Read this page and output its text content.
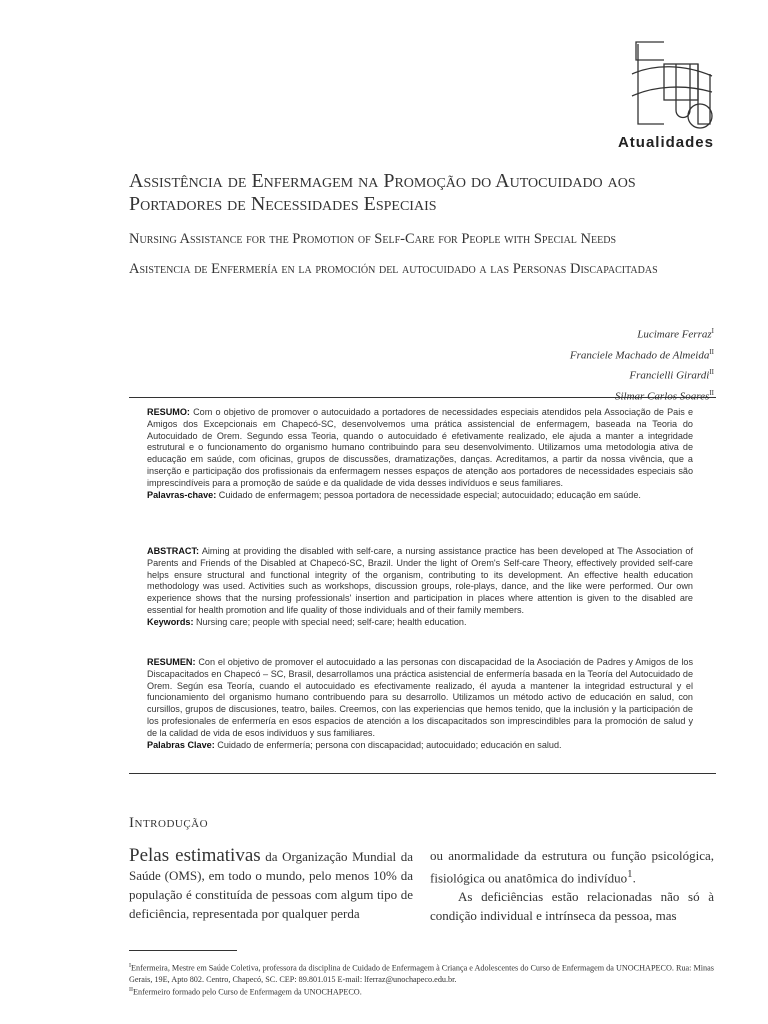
Atualidades
Assistência de Enfermagem na Promoção do Autocuidado aos Portadores de Necessidades Especiais
Nursing Assistance for the Promotion of Self-Care for People with Special Needs
Asistencia de Enfermería en la promoción del autocuidado a las Personas Discapacitadas
Lucimare Ferraz$^I$
Franciele Machado de Almeida$^{II}$
Francielli Girardi$^{II}$
Silmar Carlos Soares$^{II}$

RESUMO: Com o objetivo de promover o autocuidado a portadores de necessidades especiais atendidos pela Associação de Pais e Amigos dos Excepcionais em Chapecó-SC, desenvolvemos uma prática assistencial de enfermagem, baseada na Teoria do Autocuidado de Orem. Segundo essa Teoria, quando o autocuidado é efetivamente realizado, ele ajuda a manter a integridade estrutural e o funcionamento do organismo humano contribuindo para seu desenvolvimento. Utilizamos uma metodologia ativa de educação em saúde, com oficinas, grupos de discussões, dramatizações, danças. Acreditamos, a partir da nossa vivência, que a inserção e participação dos profissionais da enfermagem nesses espaços de atenção aos portadores de necessidades especiais são imprescindíveis para a promoção de saúde e da qualidade de vida desses indivíduos e seus familiares.

Palavras-chave: Cuidado de enfermagem; pessoa portadora de necessidade especial; autocuidado; educação em saúde.

ABSTRACT: Aiming at providing the disabled with self-care, a nursing assistance practice has been developed at The Association of Parents and Friends of the Disabled at Chapecó-SC, Brazil. Under the light of Orem's Self-care Theory, effectively provided self-care helps ensure structural and functional integrity of the organism, contributing to its development. An effective health education methodology was used. Activities such as workshops, discussion groups, role-plays, dance, and the like were performed. Our own experience shows that the nursing professionals' insertion and participation in places where attention is given to the disabled are essential for health promotion and life quality of those individuals and of their family members.

Keywords: Nursing care; people with special need; self-care; health education.

RESUMEN: Con el objetivo de promover el autocuidado a las personas con discapacidad de la Asociación de Padres y Amigos de los Discapacitados en Chapecó – SC, Brasil, desarrollamos una práctica asistencial de enfermería basada en la Teoría del Autocuidado de Orem. Según esa Teoría, cuando el autocuidado es efectivamente realizado, él ayuda a mantener la integridad estructural y el funcionamiento del organismo humano contribuendo para su desarrollo. Utilizamos un método activo de educación en salud, con cursillos, grupos de discusiones, teatro, bailes. Creemos, con las experiencias que hemos tenido, que la inclusión y la participación de los profesionales de enfermería en esos espacios de atención a los discapacitados son imprescindibles para la promoción de salud y de la calidad de vida de esos individuos y sus familiares.

Palabras Clave: Cuidado de enfermería; persona con discapacidad; autocuidado; educación en salud.

Introdução

Pelas estimativas da Organização Mundial da Saúde (OMS), em todo o mundo, pelo menos 10% da população é constituída de pessoas com algum tipo de deficiência, representada por qualquer perda

ou anormalidade da estrutura ou função psicológica, fisiológica ou anatômica do indivíduo$^1$.

As deficiências estão relacionadas não só à condição individual e intrínseca da pessoa, mas

$^I$Enfermeira, Mestre em Saúde Coletiva, professora da disciplina de Cuidado de Enfermagem à Criança e Adolescentes do Curso de Enfermagem da UNOCHAPECO. Rua: Minas Gerais, 19E, Apto 802. Centro, Chapecó, SC. CEP: 89.801.015 E-mail: lferraz@unochapeco.edu.br.

$^{II}$Enfermeiro formado pelo Curso de Enfermagem da UNOCHAPECO.
